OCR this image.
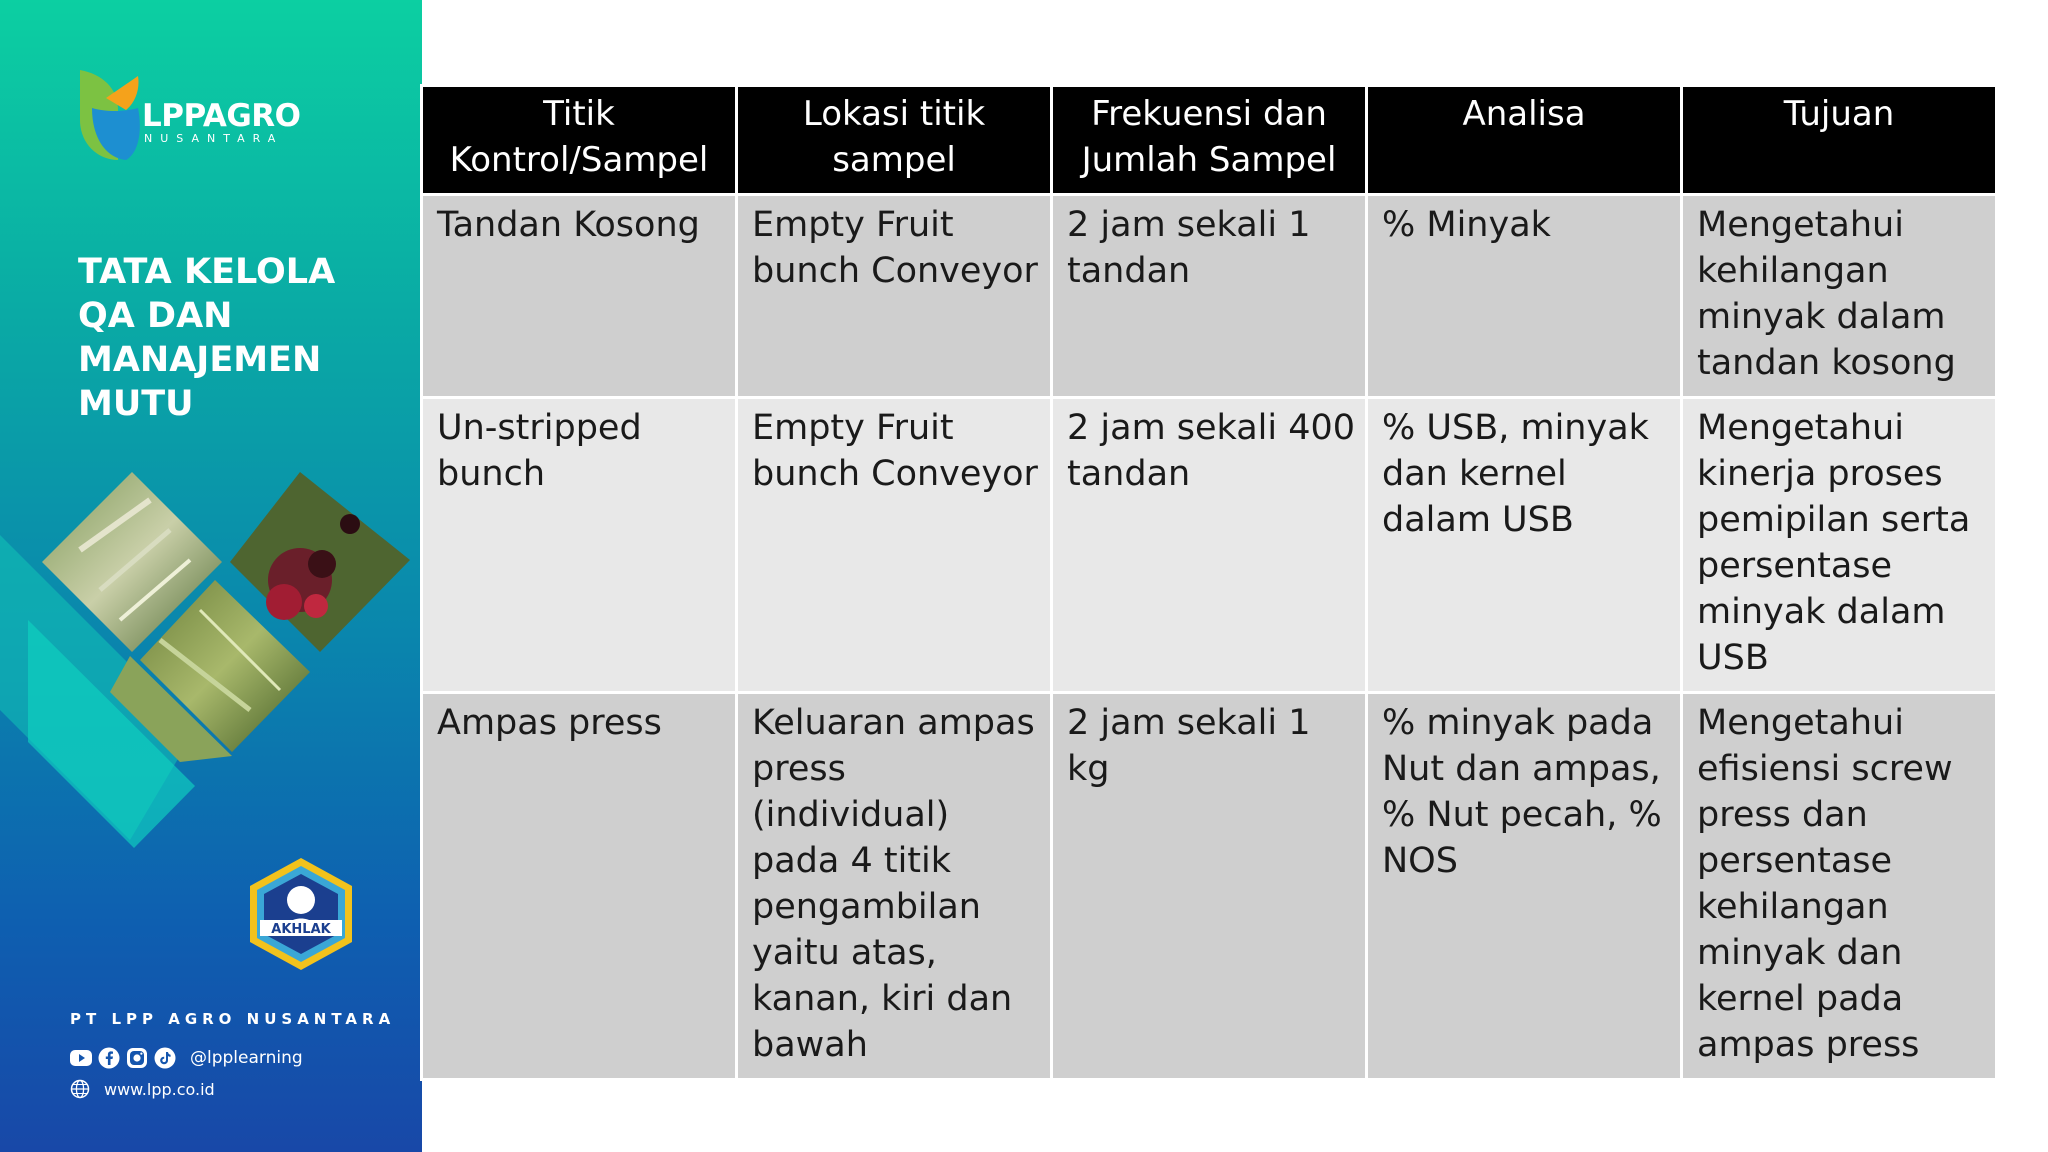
LPPAGRO
NUSANTARA
TATA KELOLA
QA DAN
MANAJEMEN
MUTU
AKHLAK
PT LPP AGRO NUSANTARA
@lpplearning
www.lpp.co.id
Titik Kontrol/Sampel	Lokasi titik sampel	Frekuensi dan Jumlah Sampel	Analisa	Tujuan
Tandan Kosong	Empty Fruit bunch Conveyor	2 jam sekali 1 tandan	% Minyak	Mengetahui kehilangan minyak dalam tandan kosong
Un-stripped bunch	Empty Fruit bunch Conveyor	2 jam sekali 400 tandan	% USB, minyak dan kernel dalam USB	Mengetahui kinerja proses pemipilan serta persentase minyak dalam USB
Ampas press	Keluaran ampas press (individual) pada 4 titik pengambilan yaitu atas, kanan, kiri dan bawah	2 jam sekali 1 kg	% minyak pada Nut dan ampas, % Nut pecah, % NOS	Mengetahui efisiensi screw press dan persentase kehilangan minyak dan kernel pada ampas press
